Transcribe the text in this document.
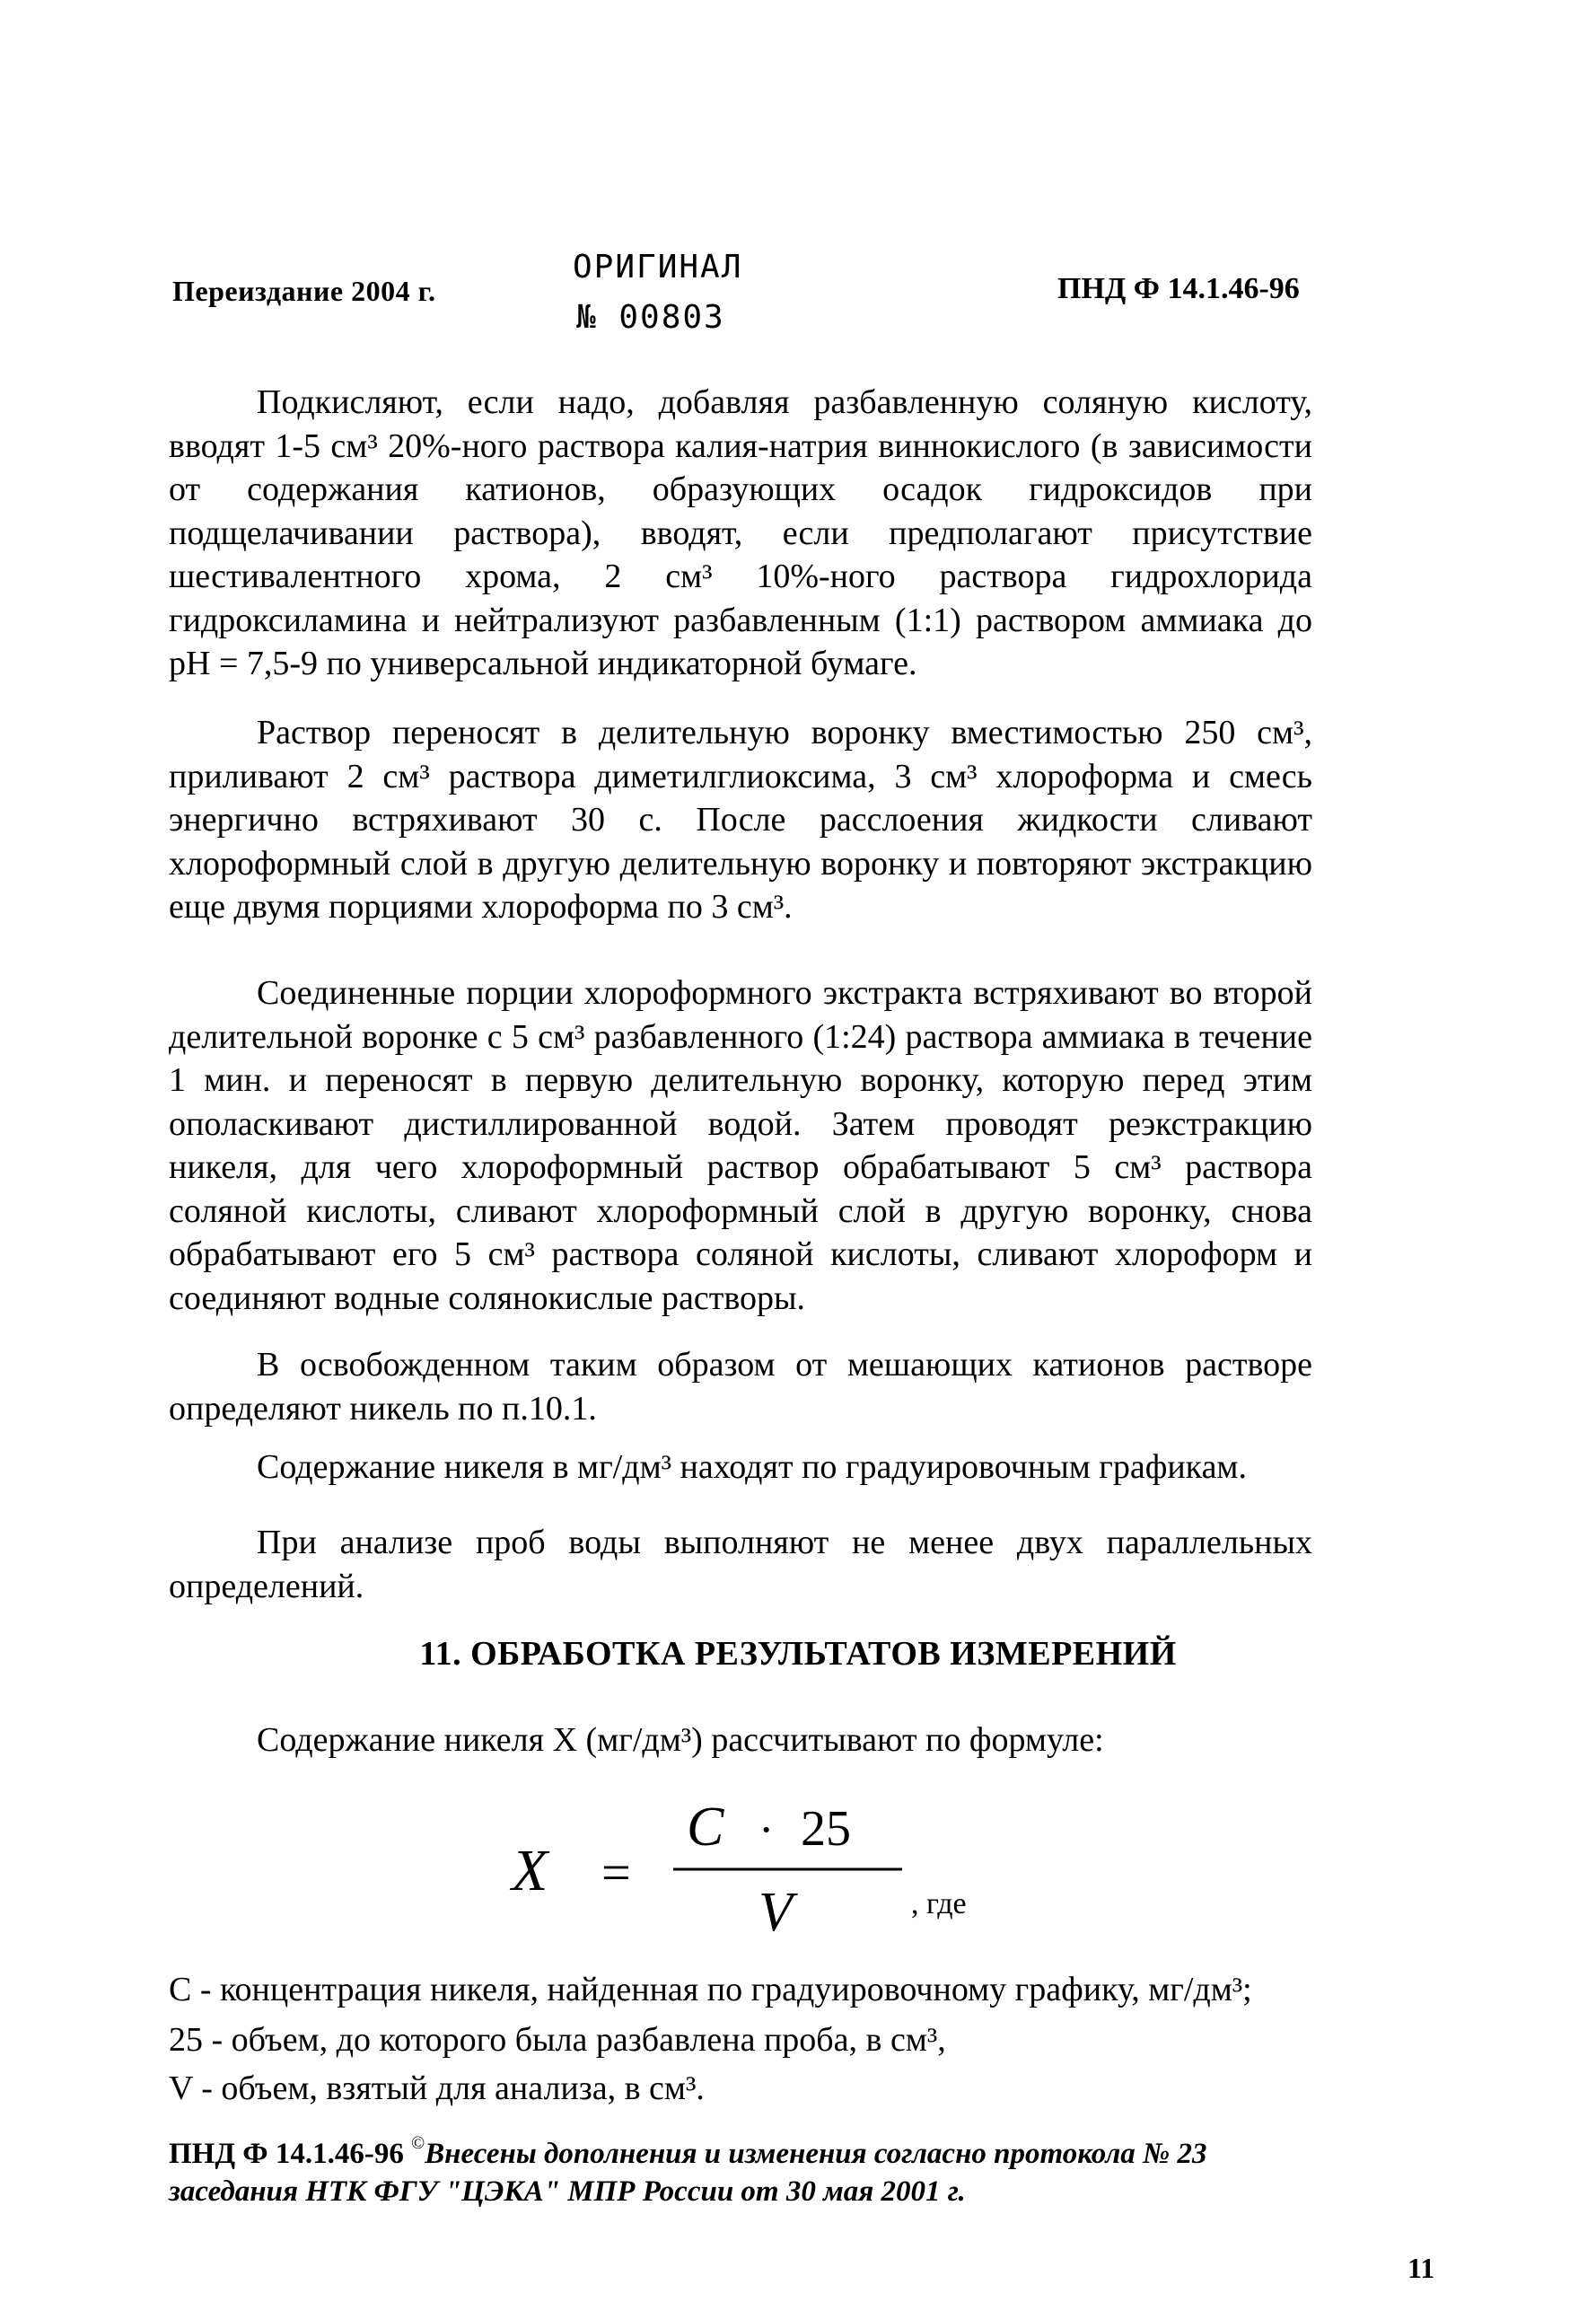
Переиздание 2004 г.
ОРИГИНАЛ
№ 00803
ПНД Ф 14.1.46-96

Подкисляют, если надо, добавляя разбавленную соляную кислоту, вводят 1-5 см³ 20%-ного раствора калия-натрия виннокислого (в зависимости от содержания катионов, образующих осадок гидроксидов при подщелачивании раствора), вводят, если предполагают присутствие шестивалентного хрома, 2 см³ 10%-ного раствора гидрохлорида гидроксиламина и нейтрализуют разбавленным (1:1) раствором аммиака до рН = 7,5-9 по универсальной индикаторной бумаге.

Раствор переносят в делительную воронку вместимостью 250 см³, приливают 2 см³ раствора диметилглиоксима, 3 см³ хлороформа и смесь энергично встряхивают 30 с. После расслоения жидкости сливают хлороформный слой в другую делительную воронку и повторяют экстракцию еще двумя порциями хлороформа по 3 см³.

Соединенные порции хлороформного экстракта встряхивают во второй делительной воронке с 5 см³ разбавленного (1:24) раствора аммиака в течение 1 мин. и переносят в первую делительную воронку, которую перед этим ополаскивают дистиллированной водой. Затем проводят реэкстракцию никеля, для чего хлороформный раствор обрабатывают 5 см³ раствора соляной кислоты, сливают хлороформный слой в другую воронку, снова обрабатывают его 5 см³ раствора соляной кислоты, сливают хлороформ и соединяют водные солянокислые растворы.

В освобожденном таким образом от мешающих катионов растворе определяют никель по п.10.1.

Содержание никеля в мг/дм³ находят по градуировочным графикам.

При анализе проб воды выполняют не менее двух параллельных определений.

11. ОБРАБОТКА РЕЗУЛЬТАТОВ ИЗМЕРЕНИЙ

Содержание никеля X (мг/дм³) рассчитывают по формуле:

X =
C · 25
V	, где

С - концентрация никеля, найденная по градуировочному графику, мг/дм³;

25 - объем, до которого была разбавлена проба, в см³,

V - объем, взятый для анализа, в см³.

ПНД Ф 14.1.46-96 ©Внесены дополнения и изменения согласно протокола № 23 заседания НТК ФГУ "ЦЭКА" МПР России от 30 мая 2001 г.

11
